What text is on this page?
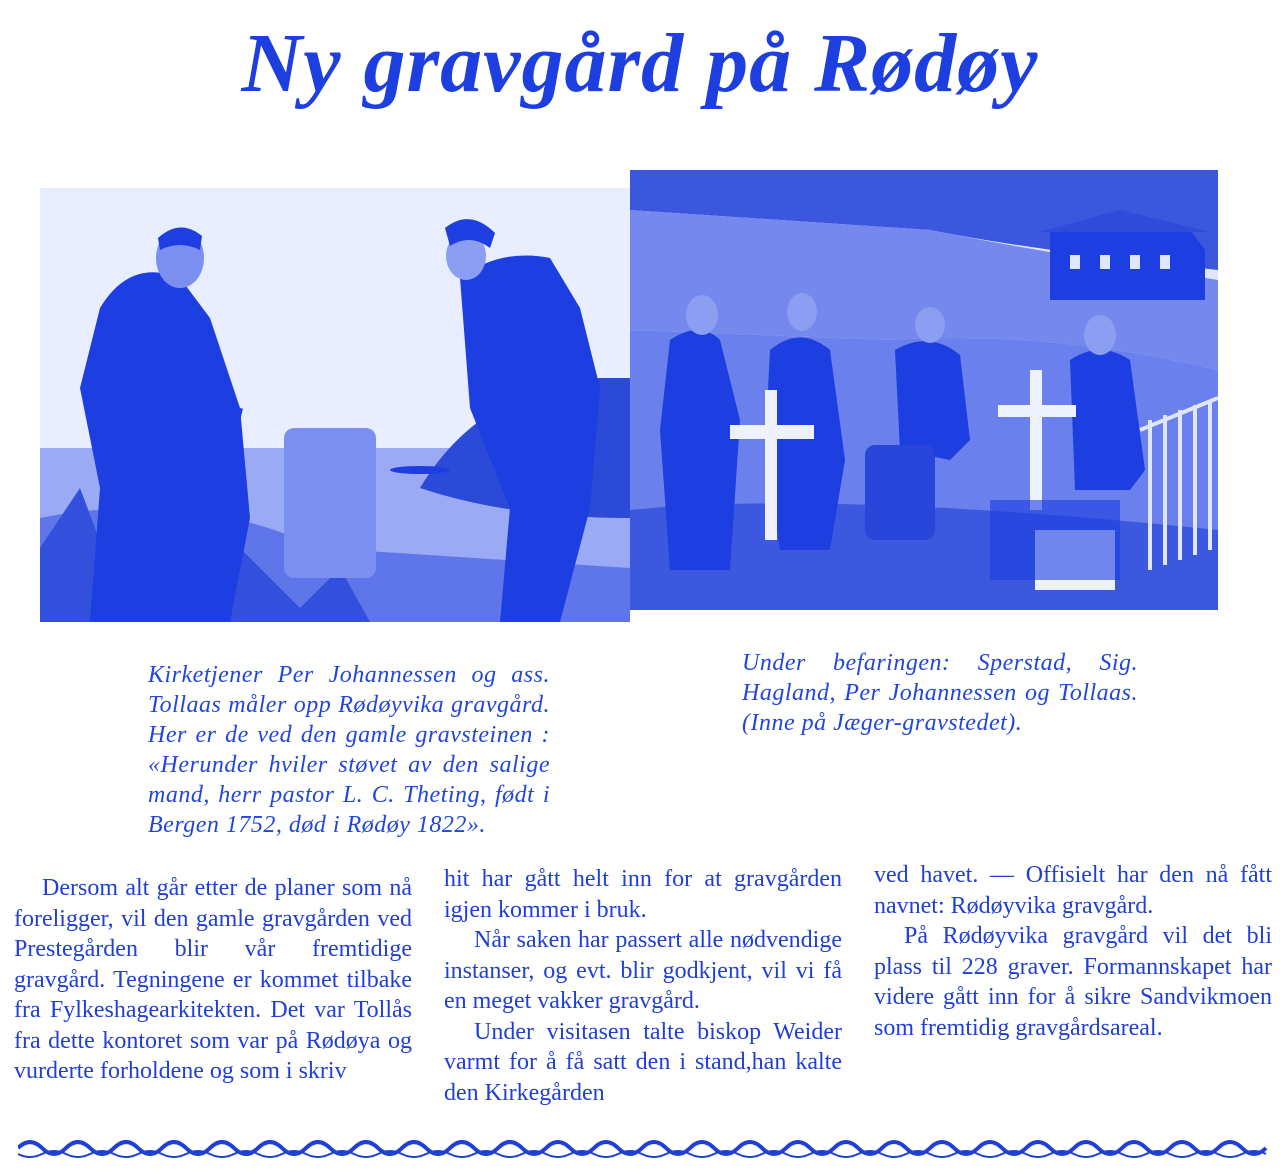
Ny gravgård på Rødøy
Kirketjener Per Johannessen og ass. Tollaas måler opp Rødøyvika gravgård. Her er de ved den gamle gravsteinen : «Herunder hviler støvet av den salige mand, herr pastor L. C. Theting, født i Bergen 1752, død i Rødøy 1822».
Under befaringen: Sperstad, Sig. Hagland, Per Johannessen og Tollaas. (Inne på Jæger-gravstedet).

Dersom alt går etter de planer som nå foreligger, vil den gamle gravgården ved Prestegården blir vår fremtidige gravgård. Tegningene er kommet tilbake fra Fylkeshagearkitekten. Det var Tollås fra dette kontoret som var på Rødøya og vurderte forholdene og som i skriv

hit har gått helt inn for at gravgården igjen kommer i bruk.

Når saken har passert alle nødvendige instanser, og evt. blir godkjent, vil vi få en meget vakker gravgård.

Under visitasen talte biskop Weider varmt for å få satt den i stand,han kalte den Kirkegården

ved havet. — Offisielt har den nå fått navnet: Rødøyvika gravgård.

På Rødøyvika gravgård vil det bli plass til 228 graver. Formannskapet har videre gått inn for å sikre Sandvikmoen som fremtidig gravgårdsareal.
